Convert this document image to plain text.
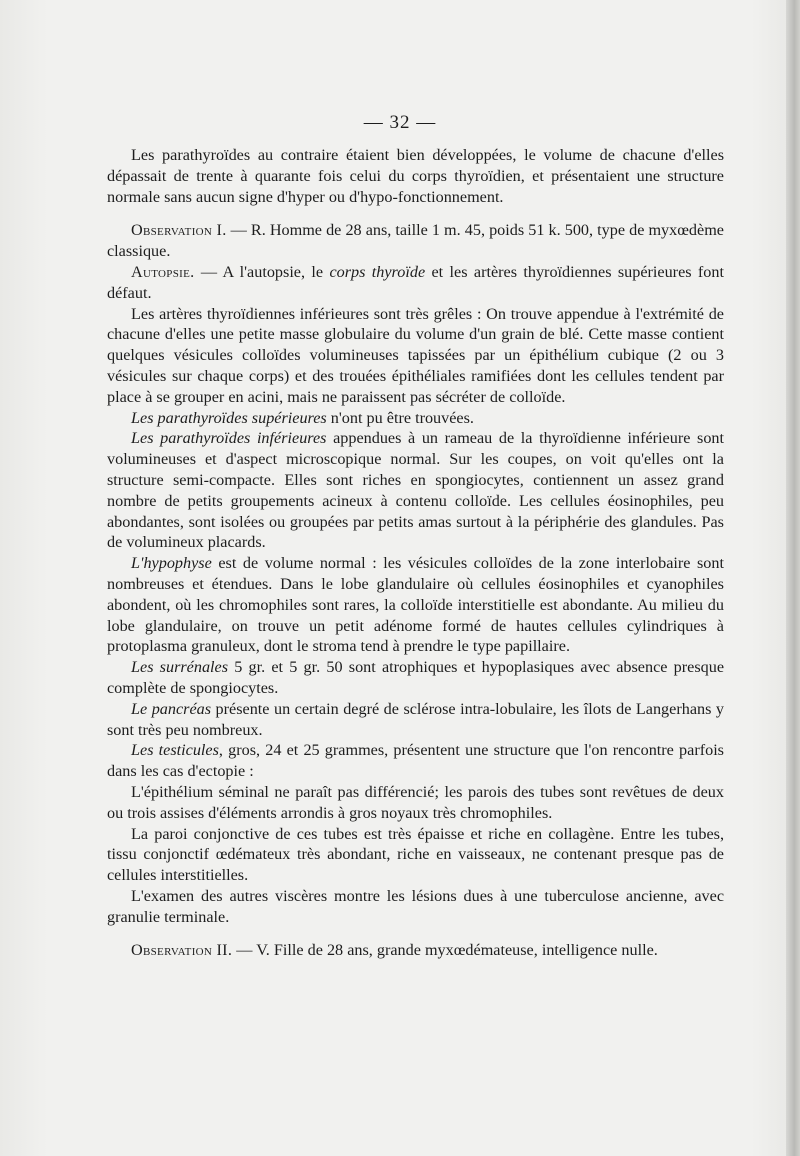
— 32 —

Les parathyroïdes au contraire étaient bien développées, le volume de chacune d'elles dépassait de trente à quarante fois celui du corps thyroïdien, et présentaient une structure normale sans aucun signe d'hyper ou d'hypo-fonctionnement.

Observation I. — R. Homme de 28 ans, taille 1 m. 45, poids 51 k. 500, type de myxœdème classique.

Autopsie. — A l'autopsie, le corps thyroïde et les artères thyroïdiennes supérieures font défaut.

Les artères thyroïdiennes inférieures sont très grêles : On trouve appendue à l'extrémité de chacune d'elles une petite masse globulaire du volume d'un grain de blé. Cette masse contient quelques vésicules colloïdes volumineuses tapissées par un épithélium cubique (2 ou 3 vésicules sur chaque corps) et des trouées épithéliales ramifiées dont les cellules tendent par place à se grouper en acini, mais ne paraissent pas sécréter de colloïde.

Les parathyroïdes supérieures n'ont pu être trouvées.

Les parathyroïdes inférieures appendues à un rameau de la thyroïdienne inférieure sont volumineuses et d'aspect microscopique normal. Sur les coupes, on voit qu'elles ont la structure semi-compacte. Elles sont riches en spongiocytes, contiennent un assez grand nombre de petits groupements acineux à contenu colloïde. Les cellules éosinophiles, peu abondantes, sont isolées ou groupées par petits amas surtout à la périphérie des glandules. Pas de volumineux placards.

L'hypophyse est de volume normal : les vésicules colloïdes de la zone interlobaire sont nombreuses et étendues. Dans le lobe glandulaire où cellules éosinophiles et cyanophiles abondent, où les chromophiles sont rares, la colloïde interstitielle est abondante. Au milieu du lobe glandulaire, on trouve un petit adénome formé de hautes cellules cylindriques à protoplasma granuleux, dont le stroma tend à prendre le type papillaire.

Les surrénales 5 gr. et 5 gr. 50 sont atrophiques et hypoplasiques avec absence presque complète de spongiocytes.

Le pancréas présente un certain degré de sclérose intra-lobulaire, les îlots de Langerhans y sont très peu nombreux.

Les testicules, gros, 24 et 25 grammes, présentent une structure que l'on rencontre parfois dans les cas d'ectopie :

L'épithélium séminal ne paraît pas différencié; les parois des tubes sont revêtues de deux ou trois assises d'éléments arrondis à gros noyaux très chromophiles.

La paroi conjonctive de ces tubes est très épaisse et riche en collagène. Entre les tubes, tissu conjonctif œdémateux très abondant, riche en vaisseaux, ne contenant presque pas de cellules interstitielles.

L'examen des autres viscères montre les lésions dues à une tuberculose ancienne, avec granulie terminale.

Observation II. — V. Fille de 28 ans, grande myxœdémateuse, intelligence nulle.
